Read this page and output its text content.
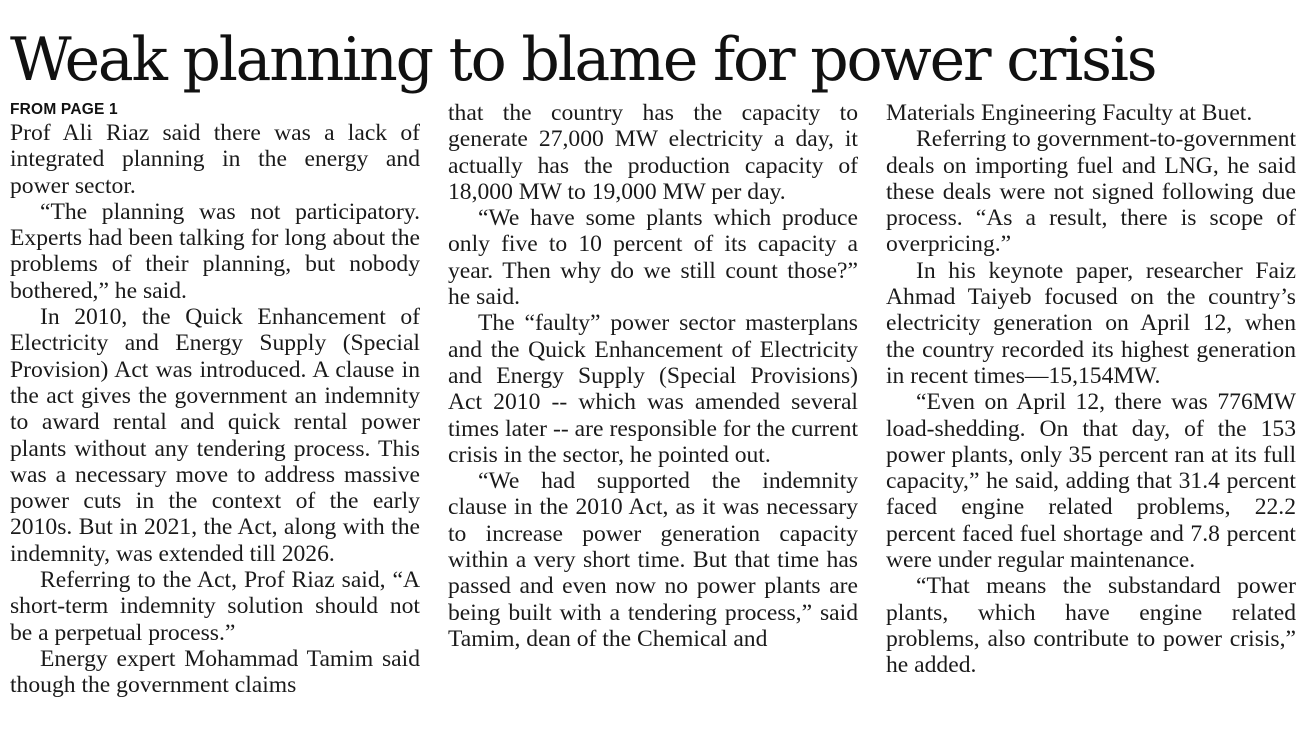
Weak planning to blame for power crisis
FROM PAGE 1

Prof Ali Riaz said there was a lack of integrated planning in the energy and power sector.

“The planning was not participatory. Experts had been talking for long about the problems of their planning, but nobody bothered,” he said.

In 2010, the Quick Enhancement of Electricity and Energy Supply (Special Provision) Act was introduced. A clause in the act gives the government an indemnity to award rental and quick rental power plants without any tendering process. This was a necessary move to address massive power cuts in the context of the early 2010s. But in 2021, the Act, along with the indemnity, was extended till 2026.

Referring to the Act, Prof Riaz said, “A short-term indemnity solution should not be a perpetual process.”

Energy expert Mohammad Tamim said though the government claims

that the country has the capacity to generate 27,000 MW electricity a day, it actually has the production capacity of 18,000 MW to 19,000 MW per day.

“We have some plants which produce only five to 10 percent of its capacity a year. Then why do we still count those?” he said.

The “faulty” power sector masterplans and the Quick Enhancement of Electricity and Energy Supply (Special Provisions) Act 2010 -- which was amended several times later -- are responsible for the current crisis in the sector, he pointed out.

“We had supported the indemnity clause in the 2010 Act, as it was necessary to increase power generation capacity within a very short time. But that time has passed and even now no power plants are being built with a tendering process,” said Tamim, dean of the Chemical and

Materials Engineering Faculty at Buet.

Referring to government-to-government deals on importing fuel and LNG, he said these deals were not signed following due process. “As a result, there is scope of overpricing.”

In his keynote paper, researcher Faiz Ahmad Taiyeb focused on the country’s electricity generation on April 12, when the country recorded its highest generation in recent times—15,154MW.

“Even on April 12, there was 776MW load-shedding. On that day, of the 153 power plants, only 35 percent ran at its full capacity,” he said, adding that 31.4 percent faced engine related problems, 22.2 percent faced fuel shortage and 7.8 percent were under regular maintenance.

“That means the substandard power plants, which have engine related problems, also contribute to power crisis,” he added.
